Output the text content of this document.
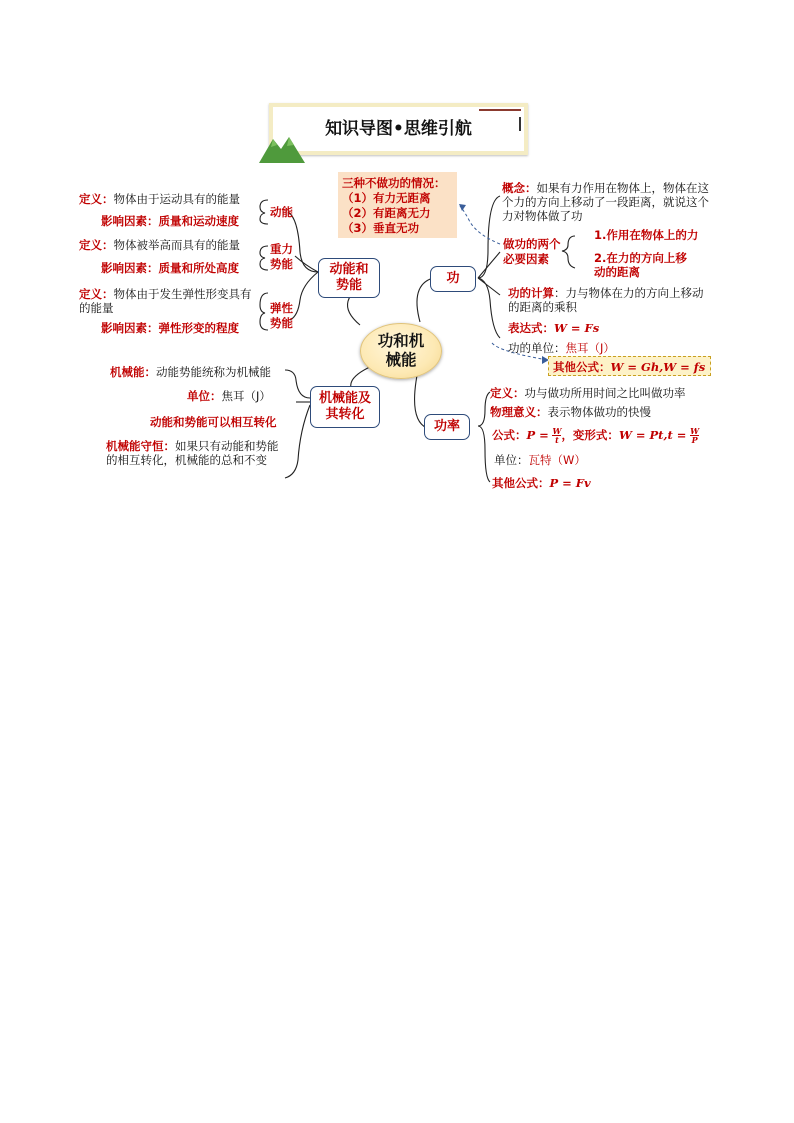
知识导图•思维引航
功和机械能
动能和势能
机械能及其转化
功
功率
定义：物体由于运动具有的能量
影响因素：质量和运动速度
动能
定义：物体被举高而具有的能量
影响因素：质量和所处高度
重力势能
定义：物体由于发生弹性形变具有的能量
影响因素：弹性形变的程度
弹性势能
机械能：动能势能统称为机械能
单位：焦耳（J）
动能和势能可以相互转化
机械能守恒：如果只有动能和势能的相互转化，机械能的总和不变
三种不做功的情况：
（1）有力无距离
（2）有距离无力
（3）垂直无功
概念：如果有力作用在物体上，物体在这个力的方向上移动了一段距离，就说这个力对物体做了功
做功的两个必要因素
1.作用在物体上的力
2.在力的方向上移动的距离
功的计算：力与物体在力的方向上移动的距离的乘积
表达式：W = Fs
功的单位：焦耳（J）
其他公式：W = Gh,W = fs
定义：功与做功所用时间之比叫做功率
物理意义：表示物体做功的快慢
公式：$P = \frac{W}{t}$ ，变形式：$W = Pt,t = \frac{W}{P}$
单位：瓦特（W）
其他公式：P = Fv
